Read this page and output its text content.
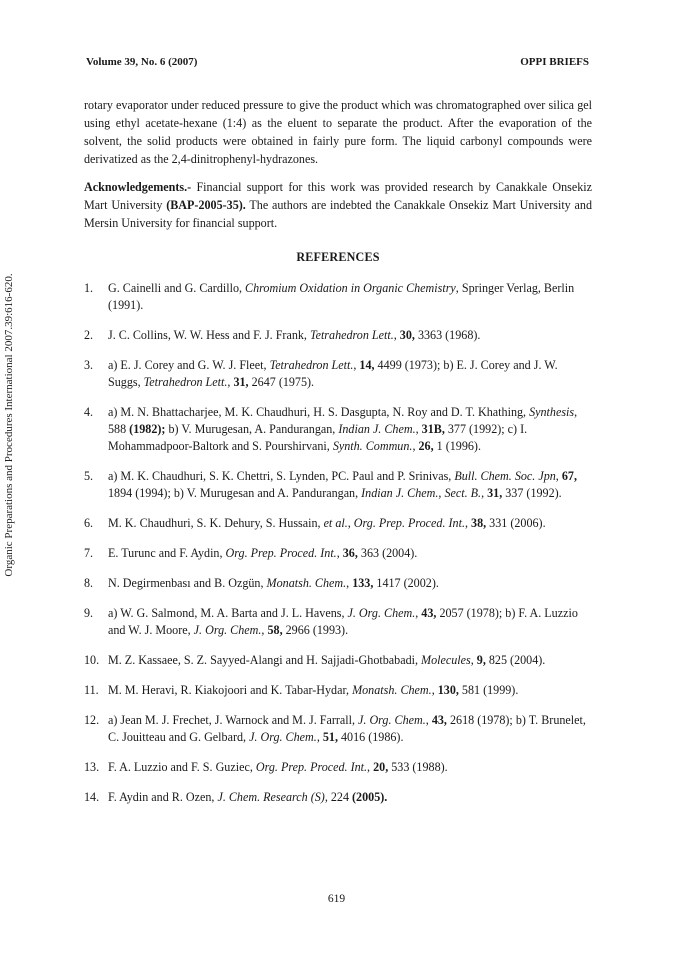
Volume 39, No. 6 (2007)	OPPI BRIEFS
Organic Preparations and Procedures International 2007.39:616-620.

rotary evaporator under reduced pressure to give the product which was chromatographed over silica gel using ethyl acetate-hexane (1:4) as the eluent to separate the product. After the evaporation of the solvent, the solid products were obtained in fairly pure form. The liquid carbonyl compounds were derivatized as the 2,4-dinitrophenyl-hydrazones.

Acknowledgements.- Financial support for this work was provided research by Canakkale Onsekiz Mart University (BAP-2005-35). The authors are indebted the Canakkale Onsekiz Mart University and Mersin University for financial support.

REFERENCES
1. G. Cainelli and G. Cardillo, Chromium Oxidation in Organic Chemistry, Springer Verlag, Berlin (1991).
2. J. C. Collins, W. W. Hess and F. J. Frank, Tetrahedron Lett., 30, 3363 (1968).
3. a) E. J. Corey and G. W. J. Fleet, Tetrahedron Lett., 14, 4499 (1973); b) E. J. Corey and J. W. Suggs, Tetrahedron Lett., 31, 2647 (1975).
4. a) M. N. Bhattacharjee, M. K. Chaudhuri, H. S. Dasgupta, N. Roy and D. T. Khathing, Synthesis, 588 (1982); b) V. Murugesan, A. Pandurangan, Indian J. Chem., 31B, 377 (1992); c) I. Mohammadpoor-Baltork and S. Pourshirvani, Synth. Commun., 26, 1 (1996).
5. a) M. K. Chaudhuri, S. K. Chettri, S. Lynden, PC. Paul and P. Srinivas, Bull. Chem. Soc. Jpn, 67, 1894 (1994); b) V. Murugesan and A. Pandurangan, Indian J. Chem., Sect. B., 31, 337 (1992).
6. M. K. Chaudhuri, S. K. Dehury, S. Hussain, et al., Org. Prep. Proced. Int., 38, 331 (2006).
7. E. Turunc and F. Aydin, Org. Prep. Proced. Int., 36, 363 (2004).
8. N. Degirmenbası and B. Ozgün, Monatsh. Chem., 133, 1417 (2002).
9. a) W. G. Salmond, M. A. Barta and J. L. Havens, J. Org. Chem., 43, 2057 (1978); b) F. A. Luzzio and W. J. Moore, J. Org. Chem., 58, 2966 (1993).
10. M. Z. Kassaee, S. Z. Sayyed-Alangi and H. Sajjadi-Ghotbabadi, Molecules, 9, 825 (2004).
11. M. M. Heravi, R. Kiakojoori and K. Tabar-Hydar, Monatsh. Chem., 130, 581 (1999).
12. a) Jean M. J. Frechet, J. Warnock and M. J. Farrall, J. Org. Chem., 43, 2618 (1978); b) T. Brunelet, C. Jouitteau and G. Gelbard, J. Org. Chem., 51, 4016 (1986).
13. F. A. Luzzio and F. S. Guziec, Org. Prep. Proced. Int., 20, 533 (1988).
14. F. Aydin and R. Ozen, J. Chem. Research (S), 224 (2005).
619
